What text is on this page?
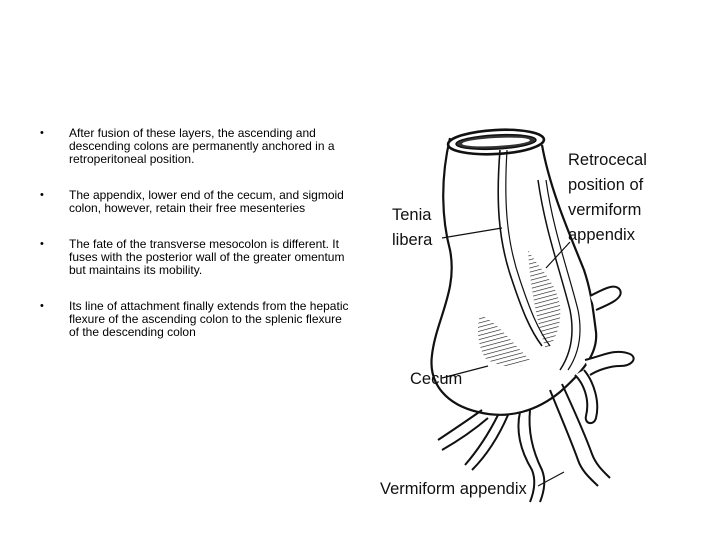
• After fusion of these layers, the ascending and descending colons are permanently anchored in a retroperitoneal position.
• The appendix, lower end of the cecum, and sigmoid colon, however, retain their free mesenteries
• The fate of the transverse mesocolon is different. It fuses with the posterior wall of the greater omentum but maintains its mobility.
• Its line of attachment finally extends from the hepatic flexure of the ascending colon to the splenic flexure of the descending colon
Retrocecal
position of
vermiform
appendix
Tenia
libera
Cecum
Vermiform appendix
